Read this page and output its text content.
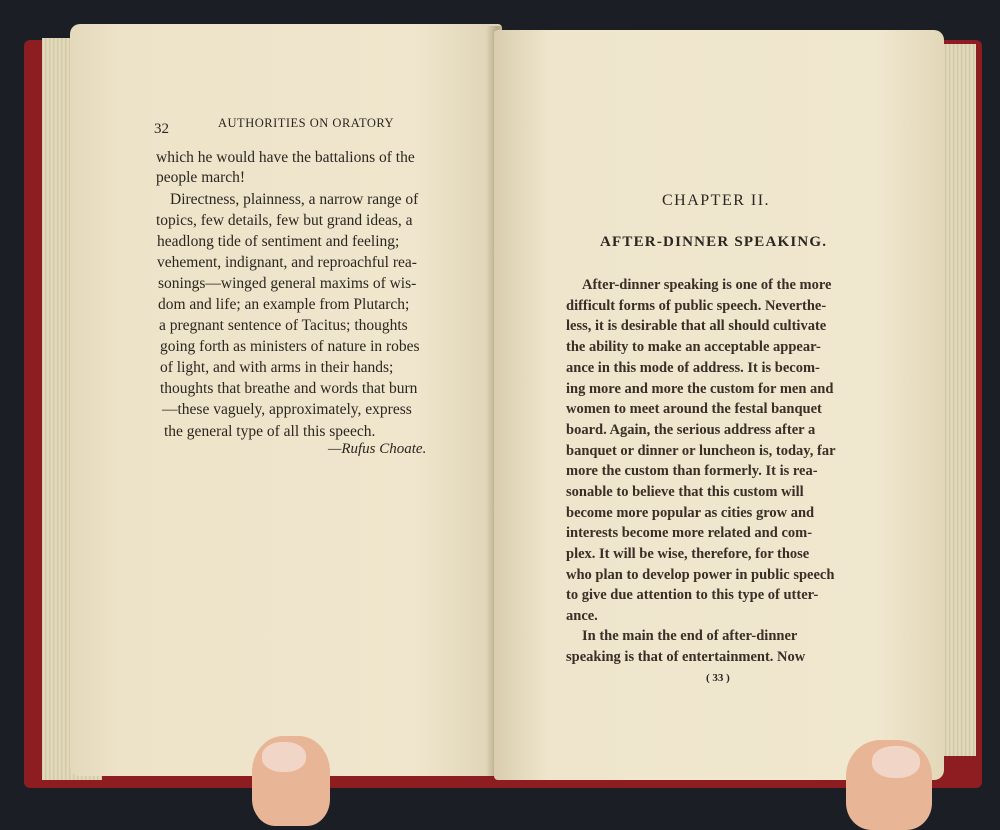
32	AUTHORITIES ON ORATORY
which he would have the battalions of the
people march!
Directness, plainness, a narrow range of
topics, few details, few but grand ideas, a
headlong tide of sentiment and feeling;
vehement, indignant, and reproachful rea-
sonings—winged general maxims of wis-
dom and life; an example from Plutarch;
a pregnant sentence of Tacitus; thoughts
going forth as ministers of nature in robes
of light, and with arms in their hands;
thoughts that breathe and words that burn
—these vaguely, approximately, express
the general type of all this speech.
—Rufus Choate.
CHAPTER II.
AFTER-DINNER SPEAKING.
After-dinner speaking is one of the more
difficult forms of public speech. Neverthe-
less, it is desirable that all should cultivate
the ability to make an acceptable appear-
ance in this mode of address. It is becom-
ing more and more the custom for men and
women to meet around the festal banquet
board. Again, the serious address after a
banquet or dinner or luncheon is, today, far
more the custom than formerly. It is rea-
sonable to believe that this custom will
become more popular as cities grow and
interests become more related and com-
plex. It will be wise, therefore, for those
who plan to develop power in public speech
to give due attention to this type of utter-
ance.
In the main the end of after-dinner
speaking is that of entertainment. Now
( 33 )
